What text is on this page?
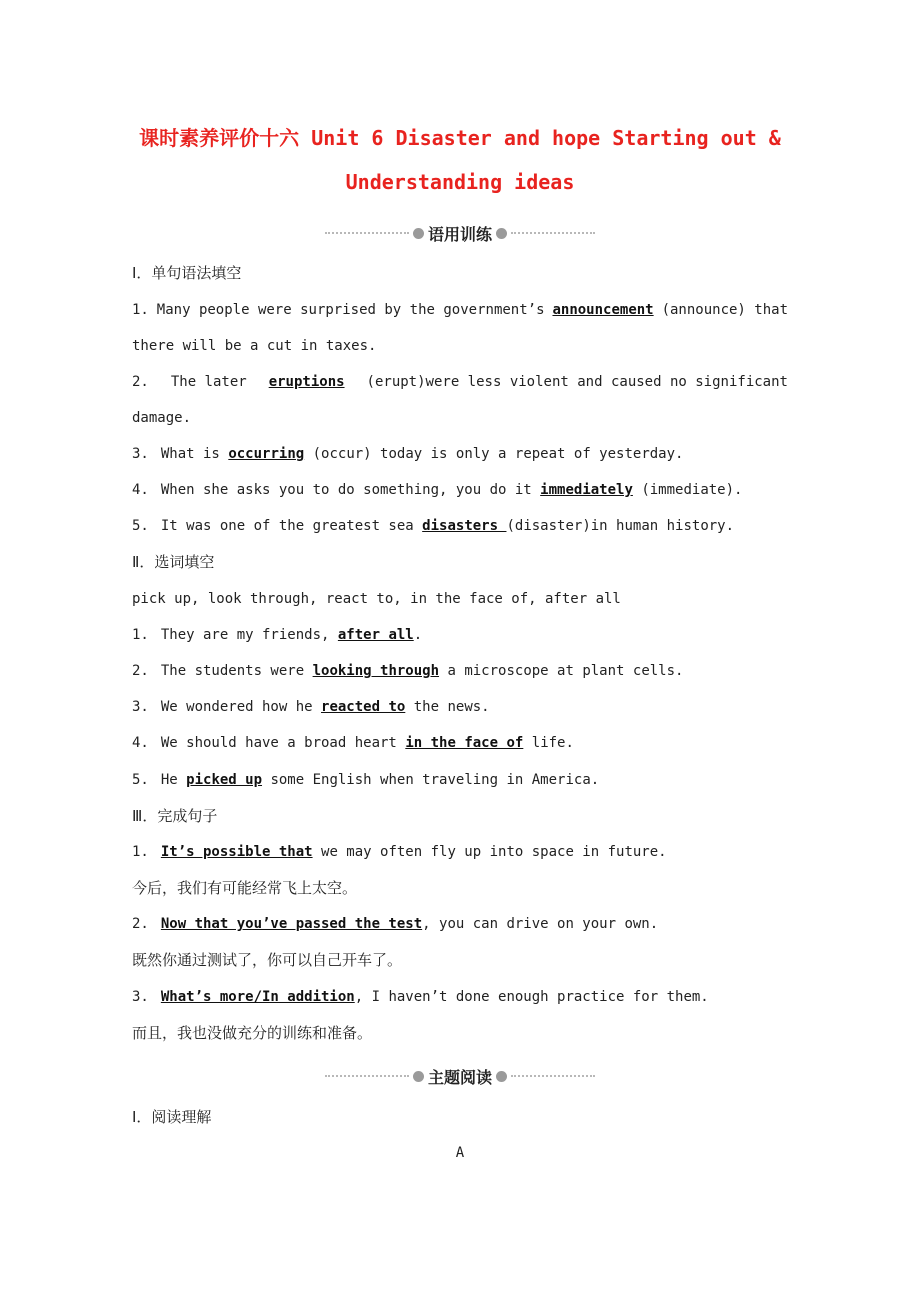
课时素养评价十六 Unit 6 Disaster and hope Starting out &
Understanding ideas
语用训练
Ⅰ．单句语法填空
1. Many people were surprised by the government’s announcement (announce) that
there will be a cut in taxes.
2. The later eruptions (erupt)were less violent and caused no significant
damage.
3. What is occurring (occur) today is only a repeat of yesterday.
4. When she asks you to do something, you do it immediately (immediate).
5. It was one of the greatest sea disasters (disaster)in human history.
Ⅱ．选词填空
pick up, look through, react to, in the face of, after all
1. They are my friends, after all.
2. The students were looking through a microscope at plant cells.
3. We wondered how he reacted to the news.
4. We should have a broad heart in the face of life.
5. He picked up some English when traveling in America.
Ⅲ．完成句子
1. It’s possible that we may often fly up into space in future.
今后，我们有可能经常飞上太空。
2. Now that you’ve passed the test, you can drive on your own.
既然你通过测试了，你可以自己开车了。
3. What’s more/In addition, I haven’t done enough practice for them.
而且，我也没做充分的训练和准备。
主题阅读
Ⅰ．阅读理解
A
